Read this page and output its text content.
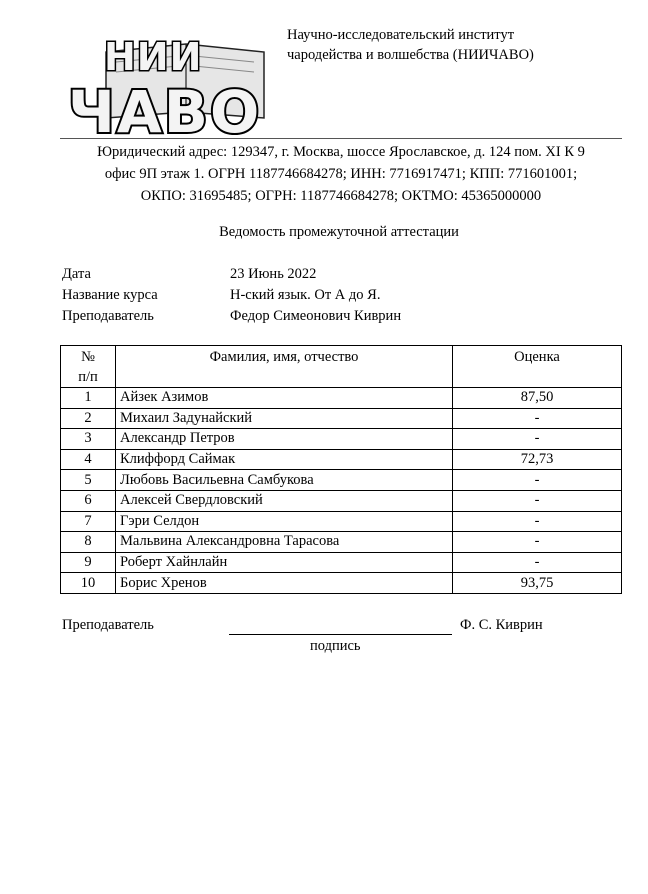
НИИ
ЧАВО
Научно-исследовательский институт
чародейства и волшебства (НИИЧАВО)
Юридический адрес: 129347, г. Москва, шоссе Ярославское, д. 124 пом. XI К 9
офис 9П этаж 1. ОГРН 1187746684278; ИНН: 7716917471; КПП: 771601001;
ОКПО: 31695485; ОГРН: 1187746684278; ОКТМО: 45365000000
Ведомость промежуточной аттестации
Дата	23 Июнь 2022
Название курса	Н-ский язык. От А до Я.
Преподаватель	Федор Симеонович Киврин
№
п/п	Фамилия, имя, отчество	Оценка
1	Айзек Азимов	87,50
2	Михаил Задунайский	-
3	Александр Петров	-
4	Клиффорд Саймак	72,73
5	Любовь Васильевна Самбукова	-
6	Алексей Свердловский	-
7	Гэри Селдон	-
8	Мальвина Александровна Тарасова	-
9	Роберт Хайнлайн	-
10	Борис Хренов	93,75
Преподаватель	Ф. С. Киврин
подпись
